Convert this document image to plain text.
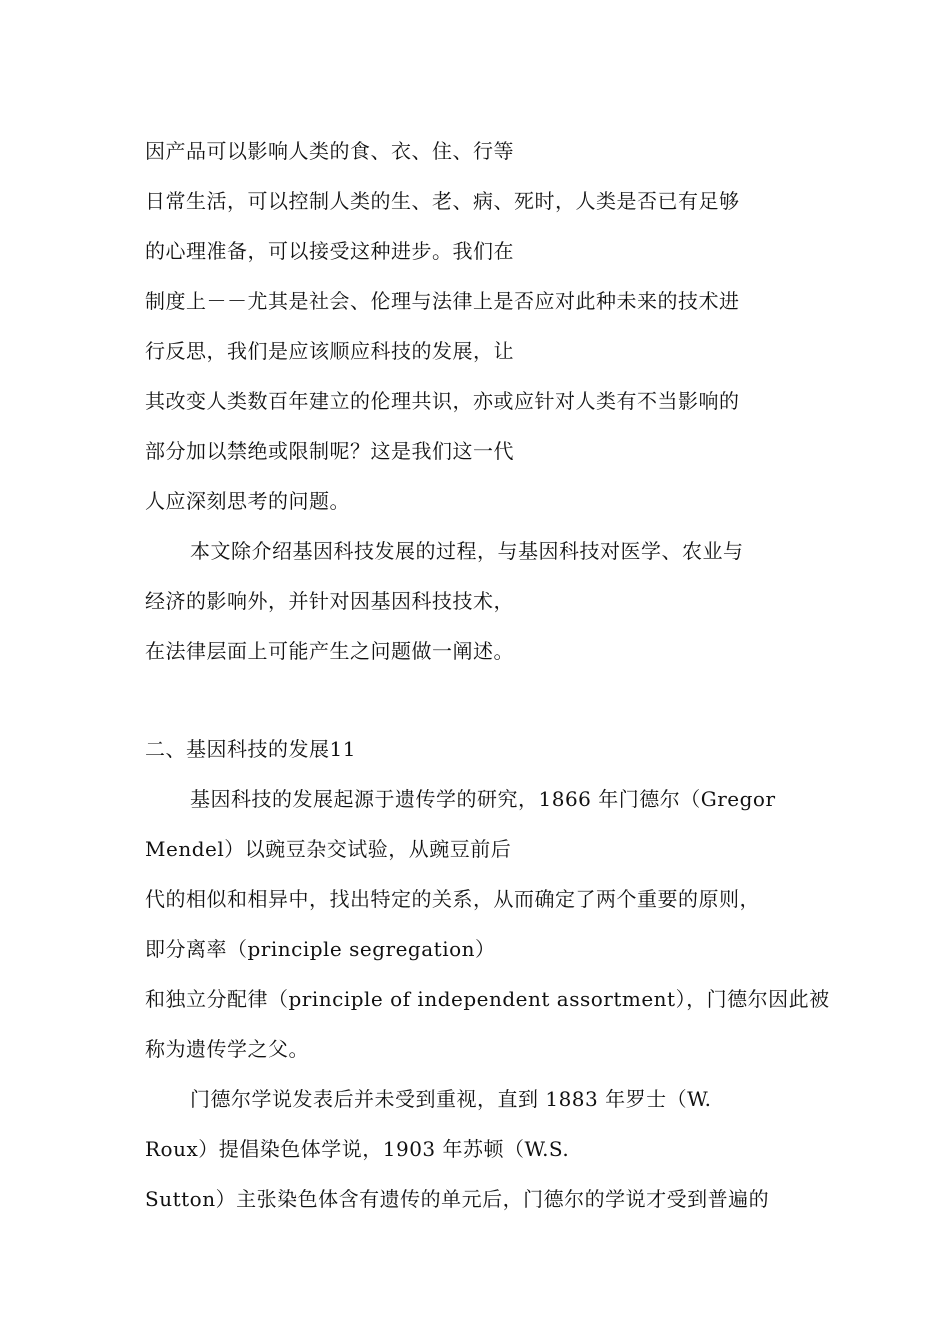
因产品可以影响人类的食、衣、住、行等
日常生活，可以控制人类的生、老、病、死时，人类是否已有足够
的心理准备，可以接受这种进步。我们在
制度上－－尤其是社会、伦理与法律上是否应对此种未来的技术进
行反思，我们是应该顺应科技的发展，让
其改变人类数百年建立的伦理共识，亦或应针对人类有不当影响的
部分加以禁绝或限制呢？这是我们这一代
人应深刻思考的问题。
本文除介绍基因科技发展的过程，与基因科技对医学、农业与
经济的影响外，并针对因基因科技技术，
在法律层面上可能产生之问题做一阐述。
二、基因科技的发展11
基因科技的发展起源于遗传学的研究，1866 年门德尔（Gregor
Mendel）以豌豆杂交试验，从豌豆前后
代的相似和相异中，找出特定的关系，从而确定了两个重要的原则，
即分离率（principle segregation）
和独立分配律（principle of independent assortment），门德尔因此被
称为遗传学之父。
门德尔学说发表后并未受到重视，直到 1883 年罗士（W.
Roux）提倡染色体学说，1903 年苏顿（W.S.
Sutton）主张染色体含有遗传的单元后，门德尔的学说才受到普遍的
